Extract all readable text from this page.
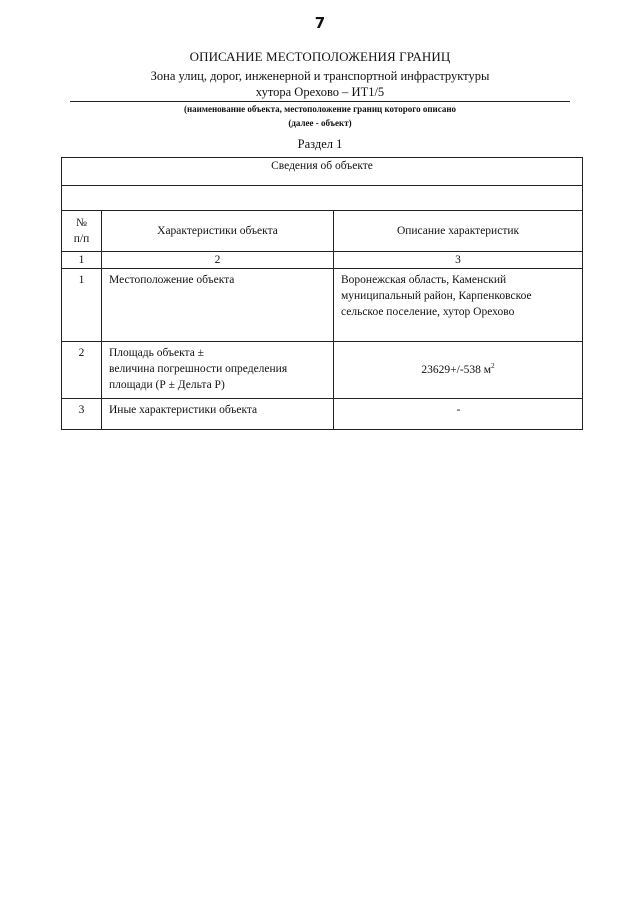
7
ОПИСАНИЕ МЕСТОПОЛОЖЕНИЯ ГРАНИЦ
Зона улиц, дорог, инженерной и транспортной инфраструктуры
хутора Орехово – ИТ1/5
(наименование объекта, местоположение границ которого описано
(далее - объект)
Раздел 1
Сведения об объекте		

№
п/п	Характеристики объекта	Описание характеристик
1	2	3
1	Местоположение объекта	Воронежская область, Каменский
муниципальный район, Карпенковское
сельское поселение, хутор Орехово

2	Площадь объекта ±
величина погрешности определения
площади (Р ± Дельта Р)	23629+/-538 $м^2$
3	Иные характеристики объекта	-
